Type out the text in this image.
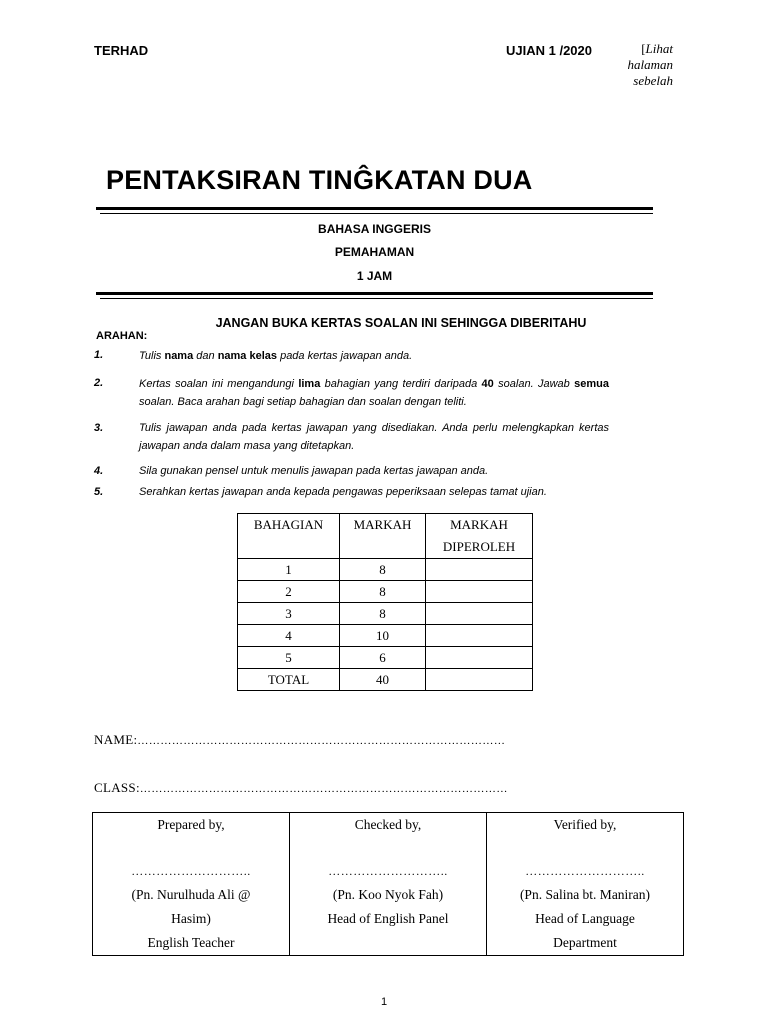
TERHAD	UJIAN 1 /2020	[Lihat
halaman
sebelah
PENTAKSIRAN TINĜKATAN DUA
BAHASA INGGERIS
PEMAHAMAN
1 JAM
JANGAN BUKA KERTAS SOALAN INI SEHINGGA DIBERITAHU
ARAHAN:
1.	Tulis nama dan nama kelas pada kertas jawapan anda.
2.	Kertas soalan ini mengandungi lima bahagian yang terdiri daripada 40 soalan. Jawab semua soalan. Baca arahan bagi setiap bahagian dan soalan dengan teliti.
3.	Tulis jawapan anda pada kertas jawapan yang disediakan. Anda perlu melengkapkan kertas jawapan anda dalam masa yang ditetapkan.
4.	Sila gunakan pensel untuk menulis jawapan pada kertas jawapan anda.
5.	Serahkan kertas jawapan anda kepada pengawas peperiksaan selepas tamat ujian.
BAHAGIAN	MARKAH	MARKAH
DIPEROLEH
1	8	
2	8	
3	8	
4	10	
5	6	
TOTAL	40	
NAME:……………………………………………………………………………………
CLASS:……………………………………………………………………………………
Prepared by,
………………………..
(Pn. Nurulhuda Ali @
Hasim)
English Teacher

Checked by,
………………………..
(Pn. Koo Nyok Fah)
Head of English Panel

Verified by,
………………………..
(Pn. Salina bt. Maniran)
Head of Language
Department
1
